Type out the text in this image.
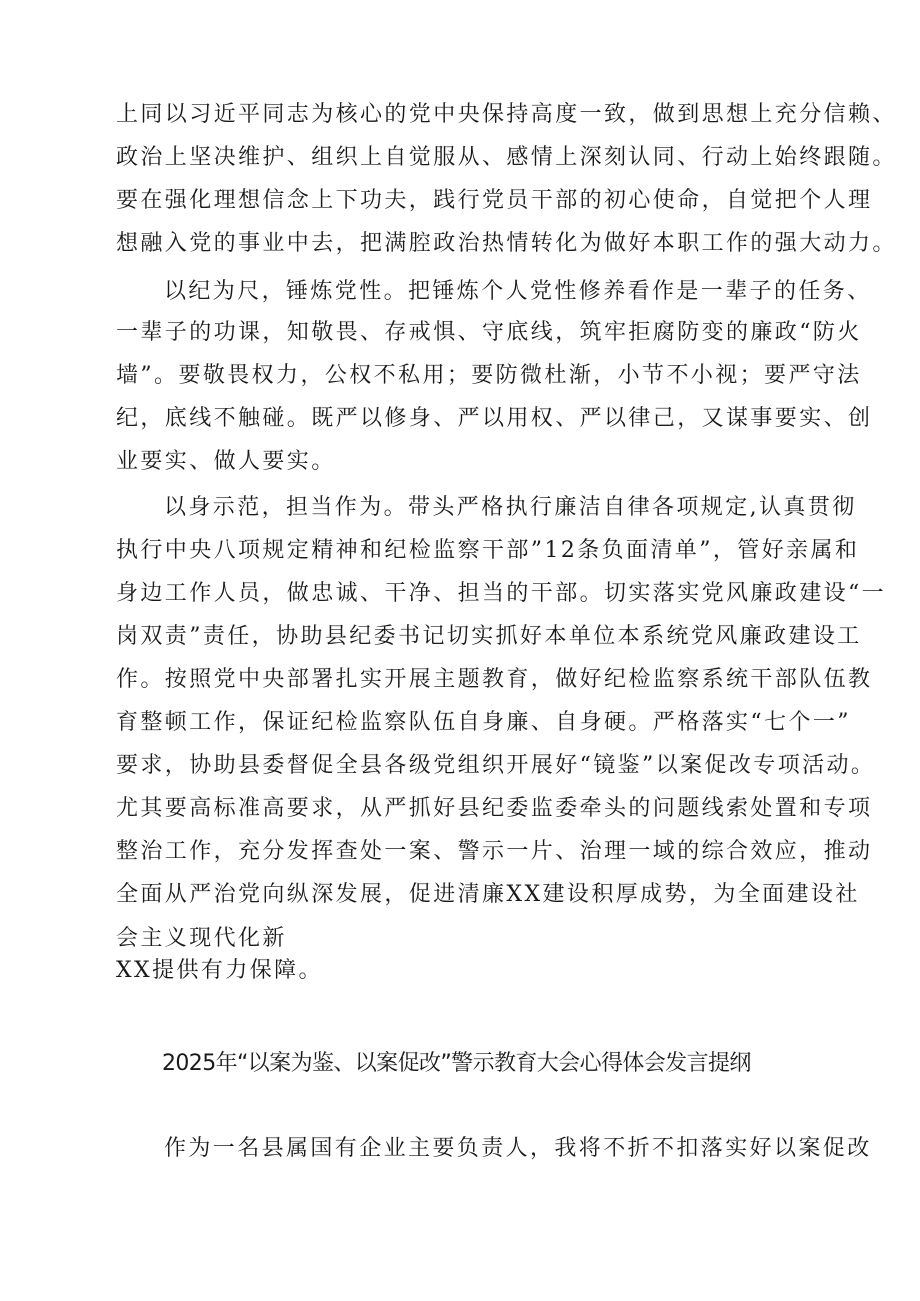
上同以习近平同志为核心的党中央保持高度一致，做到思想上充分信赖、
政治上坚决维护、组织上自觉服从、感情上深刻认同、行动上始终跟随。
要在强化理想信念上下功夫，践行党员干部的初心使命，自觉把个人理
想融入党的事业中去，把满腔政治热情转化为做好本职工作的强大动力。
以纪为尺，锤炼党性。把锤炼个人党性修养看作是一辈子的任务、
一辈子的功课，知敬畏、存戒惧、守底线，筑牢拒腐防变的廉政“防火
墙”。要敬畏权力，公权不私用；要防微杜渐，小节不小视；要严守法
纪，底线不触碰。既严以修身、严以用权、严以律己，又谋事要实、创
业要实、做人要实。
以身示范，担当作为。带头严格执行廉洁自律各项规定,认真贯彻
执行中央八项规定精神和纪检监察干部”12条负面清单”，管好亲属和
身边工作人员，做忠诚、干净、担当的干部。切实落实党风廉政建设“一
岗双责”责任，协助县纪委书记切实抓好本单位本系统党风廉政建设工
作。按照党中央部署扎实开展主题教育，做好纪检监察系统干部队伍教
育整顿工作，保证纪检监察队伍自身廉、自身硬。严格落实“七个一”
要求，协助县委督促全县各级党组织开展好“镜鉴”以案促改专项活动。
尤其要高标准高要求，从严抓好县纪委监委牵头的问题线索处置和专项
整治工作，充分发挥查处一案、警示一片、治理一域的综合效应，推动
全面从严治党向纵深发展，促进清廉XX建设积厚成势，为全面建设社
会主义现代化新
XX提供有力保障。
2025年“以案为鉴、以案促改”警示教育大会心得体会发言提纲
作为一名县属国有企业主要负责人，我将不折不扣落实好以案促改
